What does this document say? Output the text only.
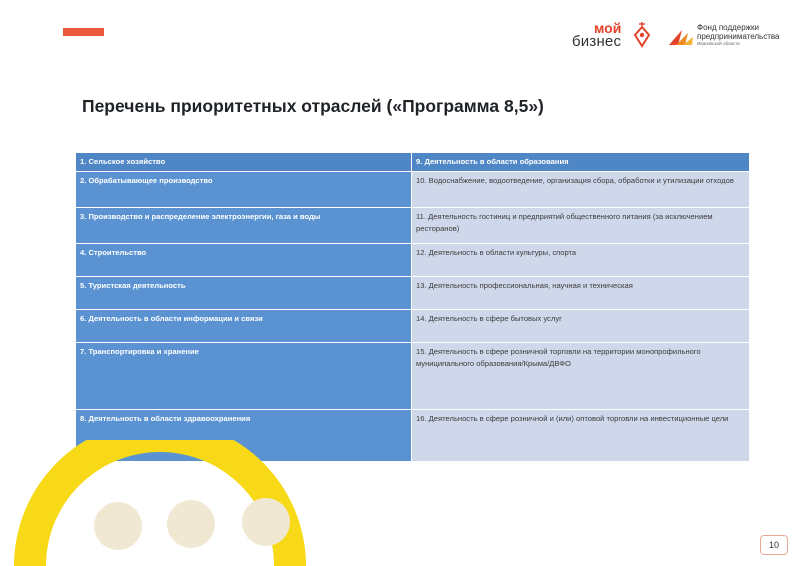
мой
бизнес
Фонд поддержки
предпринимательства
Ивановской области
Перечень приоритетных отраслей («Программа 8,5»)
1. Сельское хозяйство	9. Деятельность в области образования
2. Обрабатывающее производство	10. Водоснабжение, водоотведение, организация сбора, обработки и утилизации отходов
3. Производство и распределение электроэнергии, газа и воды	11. Деятельность гостиниц и предприятий общественного питания (за исключением ресторанов)
4. Строительство	12. Деятельность в области культуры, спорта
5. Туристская деятельность	13. Деятельность профессиональная, научная и техническая
6. Деятельность в области информации и связи	14. Деятельность в сфере бытовых услуг
7. Транспортировка и хранение	15. Деятельность в сфере розничной торговли на территории монопрофильного муниципального образования/Крыма/ДВФО
8. Деятельность в области здравоохранения	16. Деятельность в сфере розничной и (или) оптовой торговли на инвестиционные цели
10
